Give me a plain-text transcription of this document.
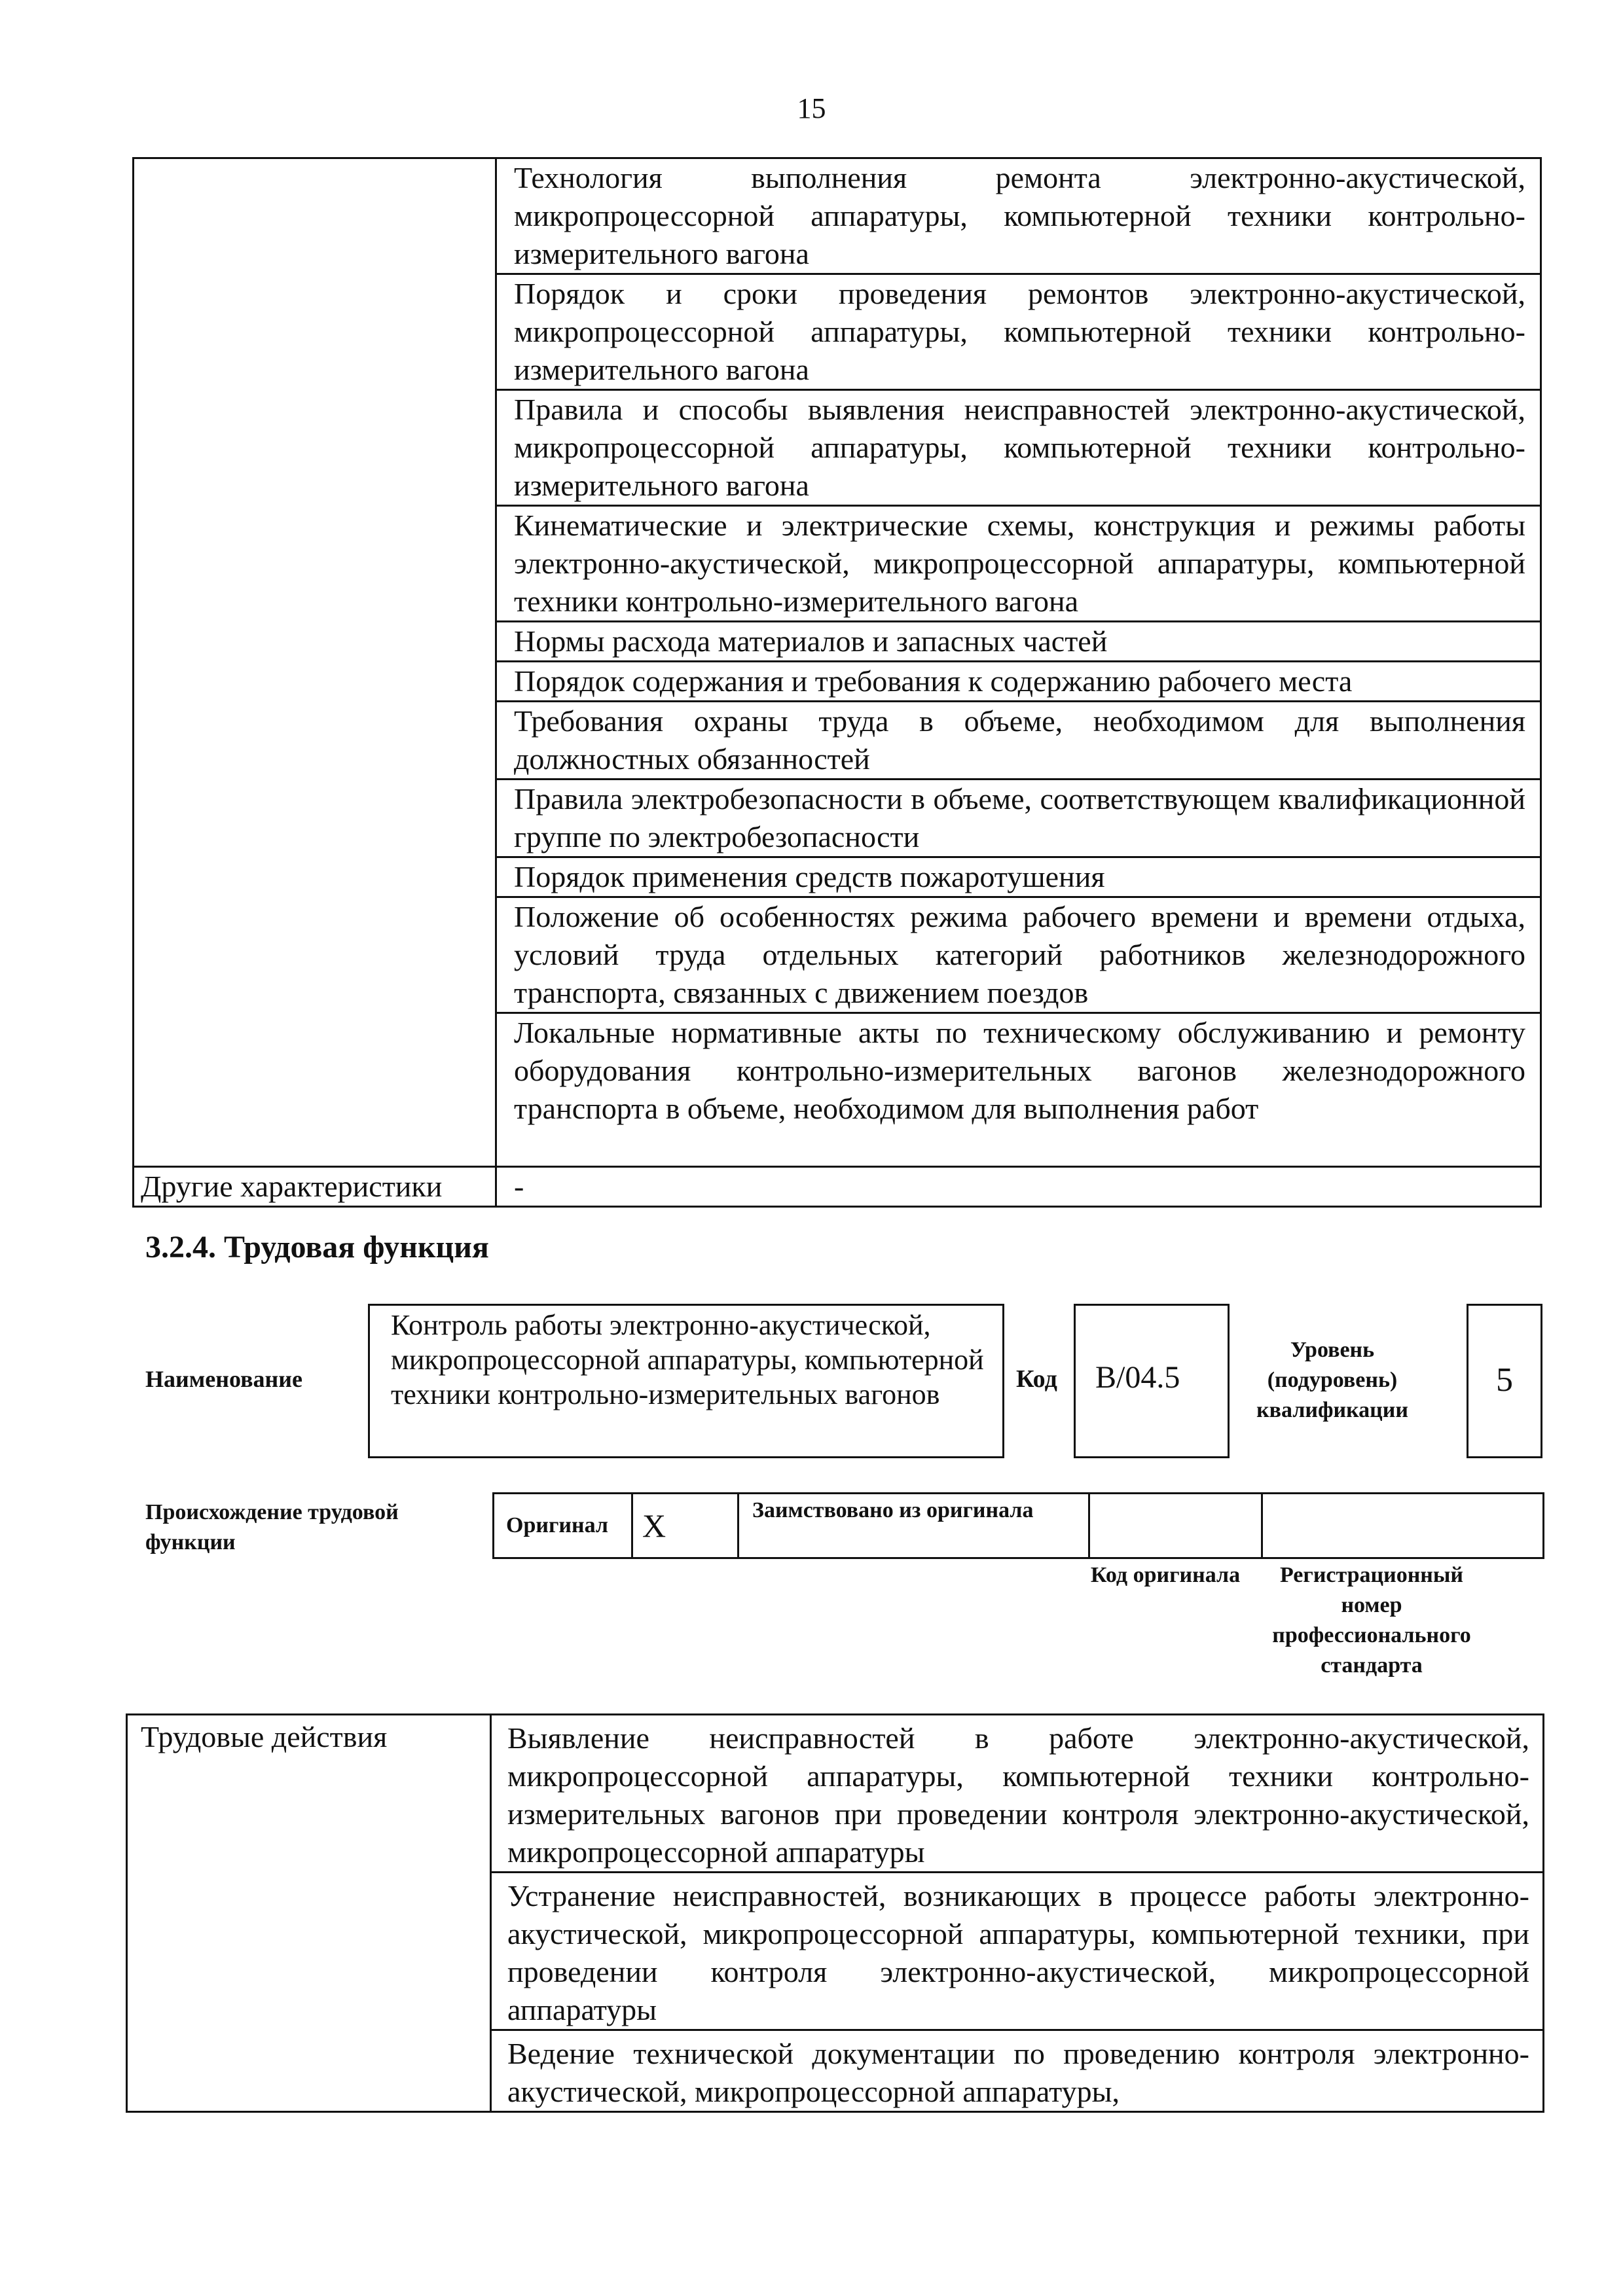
15
	Технология выполнения ремонта электронно-акустической, микропроцессорной аппаратуры, компьютерной техники контрольно-измерительного вагона
	Порядок и сроки проведения ремонтов электронно-акустической, микропроцессорной аппаратуры, компьютерной техники контрольно-измерительного вагона
	Правила и способы выявления неисправностей электронно-акустической, микропроцессорной аппаратуры, компьютерной техники контрольно-измерительного вагона
	Кинематические и электрические схемы, конструкция и режимы работы электронно-акустической, микропроцессорной аппаратуры, компьютерной техники контрольно-измерительного вагона
	Нормы расхода материалов и запасных частей
	Порядок содержания и требования к содержанию рабочего места
	Требования охраны труда в объеме, необходимом для выполнения должностных обязанностей
	Правила электробезопасности в объеме, соответствующем квалификационной группе по электробезопасности
	Порядок применения средств пожаротушения
	Положение об особенностях режима рабочего времени и времени отдыха, условий труда отдельных категорий работников железнодорожного транспорта, связанных с движением поездов
	Локальные нормативные акты по техническому обслуживанию и ремонту оборудования контрольно-измерительных вагонов железнодорожного транспорта в объеме, необходимом для выполнения работ
Другие характеристики	-
3.2.4. Трудовая функция
Наименование
Контроль работы электронно-акустической, микропроцессорной аппаратуры, компьютерной техники контрольно-измерительных вагонов	Код	B/04.5
Уровень (подуровень) квалификации
5
Происхождение трудовой функции
Оригинал	X	Заимствовано из оригинала		
Код оригинала	Регистрационный номер профессионального стандарта
Трудовые действия	Выявление неисправностей в работе электронно-акустической, микропроцессорной аппаратуры, компьютерной техники контрольно-измерительных вагонов при проведении контроля электронно-акустической, микропроцессорной аппаратуры
Устранение неисправностей, возникающих в процессе работы электронно-акустической, микропроцессорной аппаратуры, компьютерной техники, при проведении контроля электронно-акустической, микропроцессорной аппаратуры
Ведение технической документации по проведению контроля электронно-акустической, микропроцессорной аппаратуры,
